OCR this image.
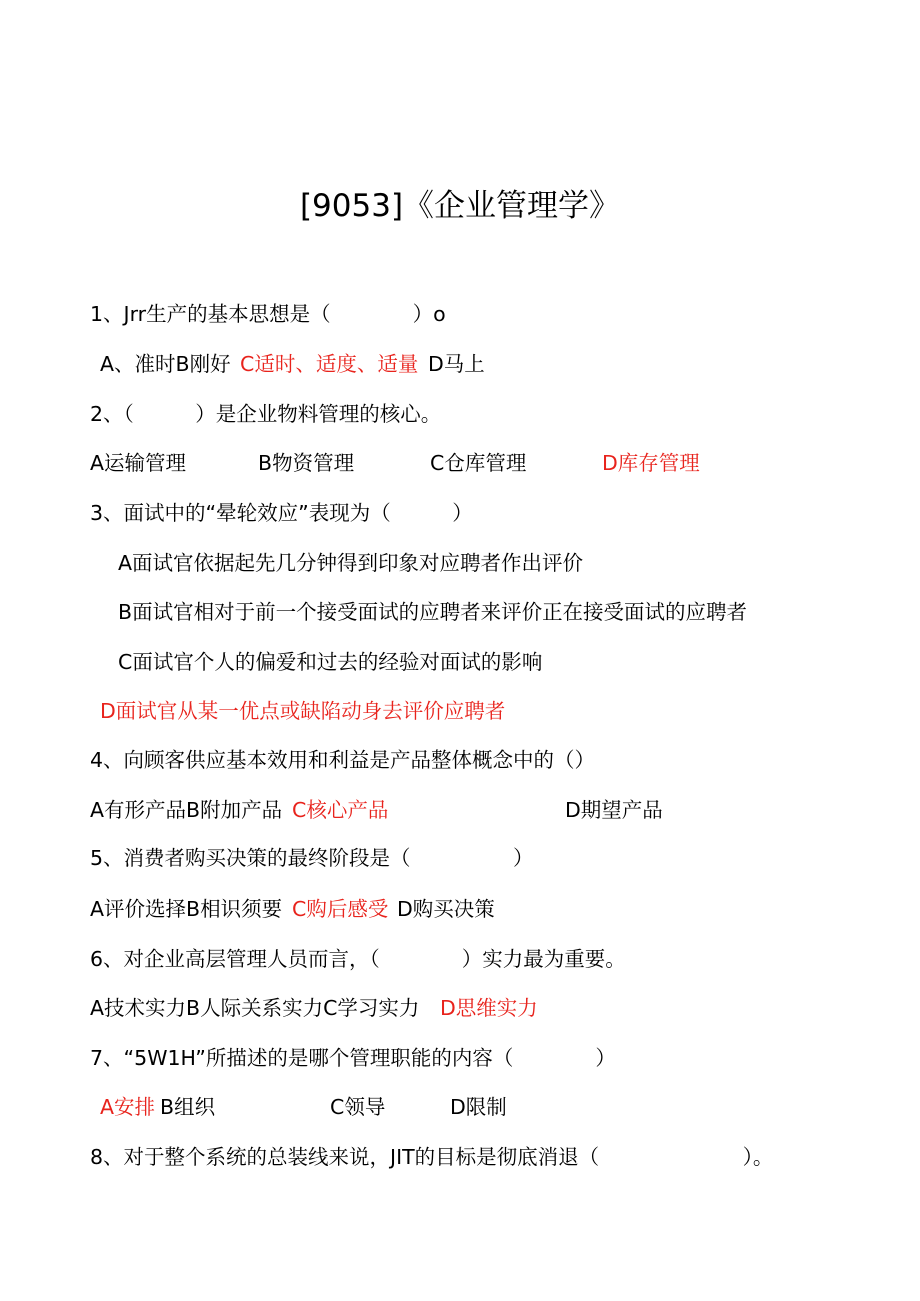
[9053]《企业管理学》
1、Jrr生产的基本思想是（　　　　）o
A、准时B刚好 C适时、适度、适量 D马上
2、（　　　）是企业物料管理的核心。
A运输管理	B物资管理	C仓库管理	D库存管理
3、面试中的“晕轮效应”表现为（　　　）
A面试官依据起先几分钟得到印象对应聘者作出评价
B面试官相对于前一个接受面试的应聘者来评价正在接受面试的应聘者
C面试官个人的偏爱和过去的经验对面试的影响
D面试官从某一优点或缺陷动身去评价应聘者
4、向顾客供应基本效用和利益是产品整体概念中的（）
A有形产品B附加产品 C核心产品	D期望产品
5、消费者购买决策的最终阶段是（　　　　　）
A评价选择B相识须要 C购后感受 D购买决策
6、对企业高层管理人员而言，（　　　　）实力最为重要。
A技术实力B人际关系实力C学习实力 D思维实力
7、“5W1H”所描述的是哪个管理职能的内容（　　　　）
A安排 B组织	C领导	D限制
8、对于整个系统的总装线来说，JIT的目标是彻底消退（　　　　　　　）。
